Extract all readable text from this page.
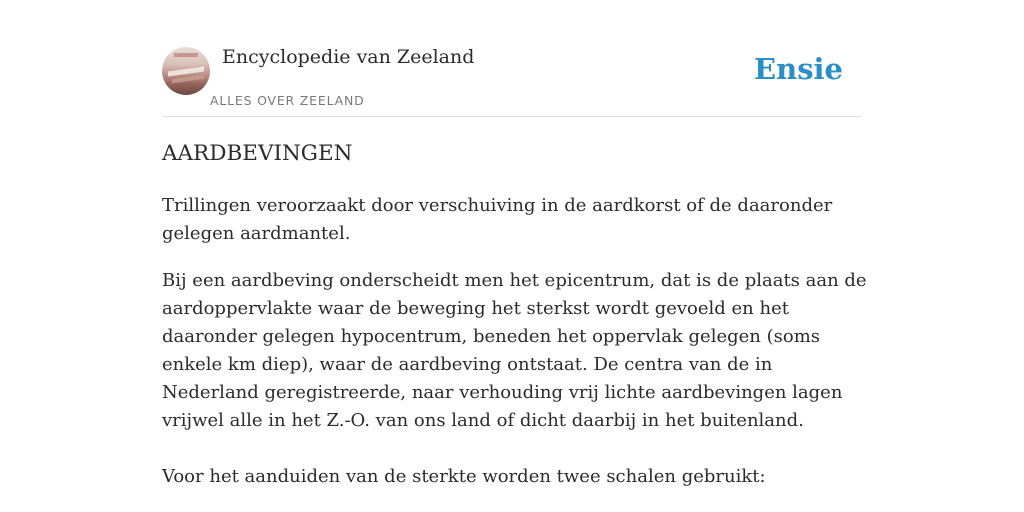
Encyclopedie van Zeeland
ALLES OVER ZEELAND
Ensie
AARDBEVINGEN

Trillingen veroorzaakt door verschuiving in de aardkorst of de daaronder gelegen aardmantel.

Bij een aardbeving onderscheidt men het epicentrum, dat is de plaats aan de aardoppervlakte waar de beweging het sterkst wordt gevoeld en het daaronder gelegen hypocentrum, beneden het oppervlak gelegen (soms enkele km diep), waar de aardbeving ontstaat. De centra van de in Nederland geregistreerde, naar verhouding vrij lichte aardbevingen lagen vrijwel alle in het Z.-O. van ons land of dicht daarbij in het buitenland.

Voor het aanduiden van de sterkte worden twee schalen gebruikt:
